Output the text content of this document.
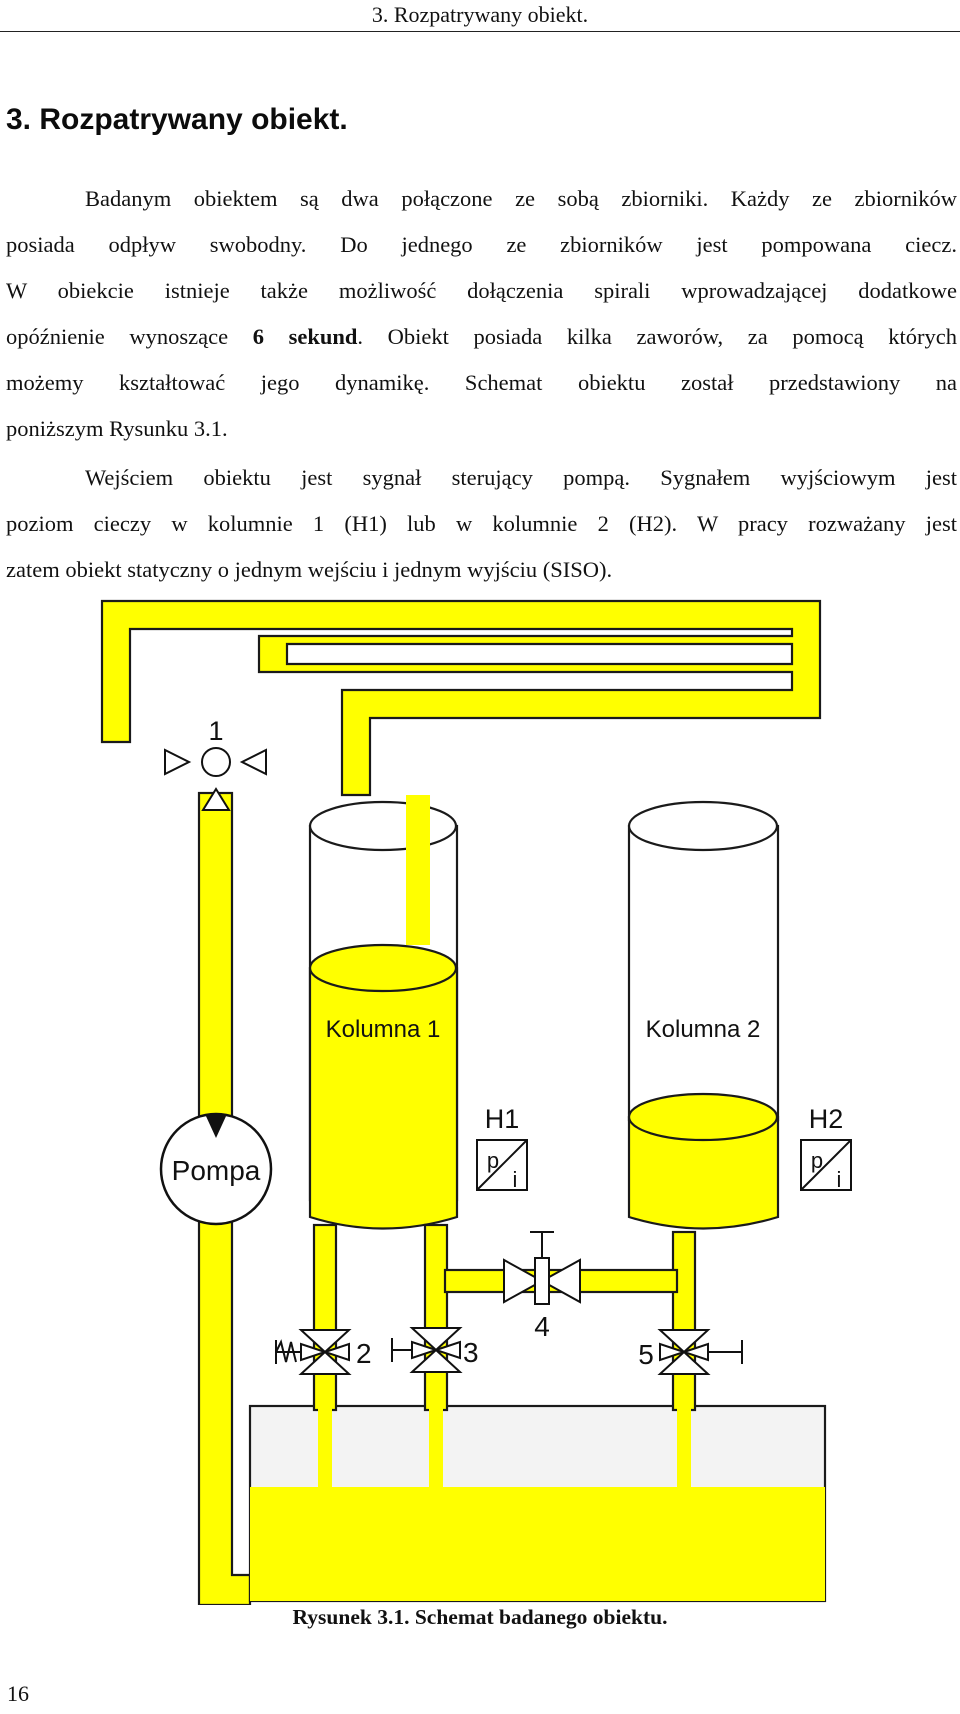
3. Rozpatrywany obiekt.
3. Rozpatrywany obiekt.
Badanym obiektem są dwa połączone ze sobą zbiorniki. Każdy ze zbiorników
posiada odpływ swobodny. Do jednego ze zbiorników jest pompowana ciecz.
W obiekcie istnieje także możliwość dołączenia spirali wprowadzającej dodatkowe
opóźnienie wynoszące 6 sekund. Obiekt posiada kilka zaworów, za pomocą których
możemy kształtować jego dynamikę. Schemat obiektu został przedstawiony na
poniższym Rysunku 3.1.
Wejściem obiektu jest sygnał sterujący pompą. Sygnałem wyjściowym jest
poziom cieczy w kolumnie 1 (H1) lub w kolumnie 2 (H2). W pracy rozważany jest
zatem obiekt statyczny o jednym wejściu i jednym wyjściu (SISO).
Pompa
1
2	3
4
5
Kolumna 1	Kolumna 2
H1
p
i
H2
p
i
Rysunek 3.1. Schemat badanego obiektu.
16
